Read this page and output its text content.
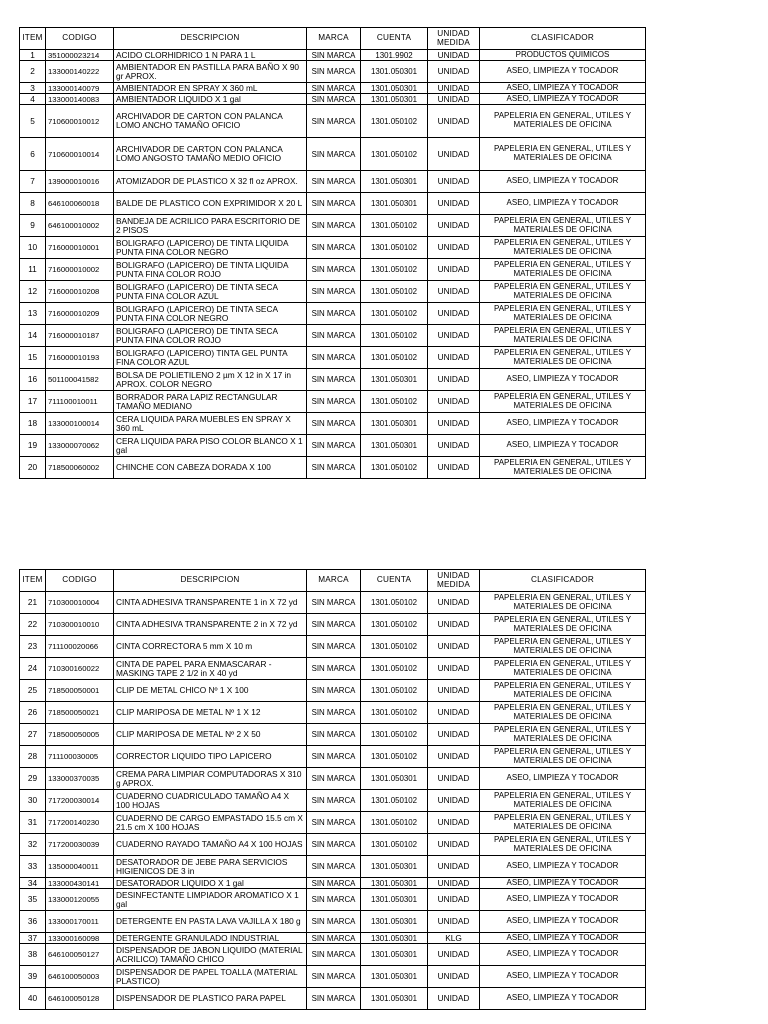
ITEM	CODIGO	DESCRIPCION	MARCA	CUENTA	UNIDAD MEDIDA	CLASIFICADOR
1	351000023214	ACIDO CLORHIDRICO 1 N PARA 1 L	SIN MARCA	1301.9902	UNIDAD	PRODUCTOS QUIMICOS
2	133000140222	AMBIENTADOR EN PASTILLA PARA BAÑO X 90 gr APROX.	SIN MARCA	1301.050301	UNIDAD	ASEO, LIMPIEZA Y TOCADOR
3	133000140079	AMBIENTADOR EN SPRAY X 360 mL	SIN MARCA	1301.050301	UNIDAD	ASEO, LIMPIEZA Y TOCADOR
4	133000140083	AMBIENTADOR LIQUIDO X 1 gal	SIN MARCA	1301.050301	UNIDAD	ASEO, LIMPIEZA Y TOCADOR
5	710600010012	ARCHIVADOR DE CARTON CON PALANCA LOMO ANCHO TAMAÑO OFICIO	SIN MARCA	1301.050102	UNIDAD	PAPELERIA EN GENERAL, UTILES Y MATERIALES DE OFICINA
6	710600010014	ARCHIVADOR DE CARTON CON PALANCA LOMO ANGOSTO TAMAÑO MEDIO OFICIO	SIN MARCA	1301.050102	UNIDAD	PAPELERIA EN GENERAL, UTILES Y MATERIALES DE OFICINA
7	139000010016	ATOMIZADOR DE PLASTICO X 32 fl oz APROX.	SIN MARCA	1301.050301	UNIDAD	ASEO, LIMPIEZA Y TOCADOR
8	646100060018	BALDE DE PLASTICO CON EXPRIMIDOR X 20 L	SIN MARCA	1301.050301	UNIDAD	ASEO, LIMPIEZA Y TOCADOR
9	646100010002	BANDEJA DE ACRILICO PARA ESCRITORIO DE 2 PISOS	SIN MARCA	1301.050102	UNIDAD	PAPELERIA EN GENERAL, UTILES Y MATERIALES DE OFICINA
10	716000010001	BOLIGRAFO (LAPICERO) DE TINTA LIQUIDA PUNTA FINA COLOR NEGRO	SIN MARCA	1301.050102	UNIDAD	PAPELERIA EN GENERAL, UTILES Y MATERIALES DE OFICINA
11	716000010002	BOLIGRAFO (LAPICERO) DE TINTA LIQUIDA PUNTA FINA COLOR ROJO	SIN MARCA	1301.050102	UNIDAD	PAPELERIA EN GENERAL, UTILES Y MATERIALES DE OFICINA
12	716000010208	BOLIGRAFO (LAPICERO) DE TINTA SECA PUNTA FINA COLOR AZUL	SIN MARCA	1301.050102	UNIDAD	PAPELERIA EN GENERAL, UTILES Y MATERIALES DE OFICINA
13	716000010209	BOLIGRAFO (LAPICERO) DE TINTA SECA PUNTA FINA COLOR NEGRO	SIN MARCA	1301.050102	UNIDAD	PAPELERIA EN GENERAL, UTILES Y MATERIALES DE OFICINA
14	716000010187	BOLIGRAFO (LAPICERO) DE TINTA SECA PUNTA FINA COLOR ROJO	SIN MARCA	1301.050102	UNIDAD	PAPELERIA EN GENERAL, UTILES Y MATERIALES DE OFICINA
15	716000010193	BOLIGRAFO (LAPICERO) TINTA GEL PUNTA FINA COLOR AZUL	SIN MARCA	1301.050102	UNIDAD	PAPELERIA EN GENERAL, UTILES Y MATERIALES DE OFICINA
16	501100041582	BOLSA DE POLIETILENO 2 µm X 12 in X 17 in APROX. COLOR NEGRO	SIN MARCA	1301.050301	UNIDAD	ASEO, LIMPIEZA Y TOCADOR
17	711100010011	BORRADOR PARA LAPIZ RECTANGULAR TAMAÑO MEDIANO	SIN MARCA	1301.050102	UNIDAD	PAPELERIA EN GENERAL, UTILES Y MATERIALES DE OFICINA
18	133000100014	CERA LIQUIDA PARA MUEBLES EN SPRAY X 360 mL	SIN MARCA	1301.050301	UNIDAD	ASEO, LIMPIEZA Y TOCADOR
19	133000070062	CERA LIQUIDA PARA PISO COLOR BLANCO X 1 gal	SIN MARCA	1301.050301	UNIDAD	ASEO, LIMPIEZA Y TOCADOR
20	718500060002	CHINCHE CON CABEZA DORADA X 100	SIN MARCA	1301.050102	UNIDAD	PAPELERIA EN GENERAL, UTILES Y MATERIALES DE OFICINA
ITEM	CODIGO	DESCRIPCION	MARCA	CUENTA	UNIDAD MEDIDA	CLASIFICADOR
21	710300010004	CINTA ADHESIVA TRANSPARENTE 1 in X 72 yd	SIN MARCA	1301.050102	UNIDAD	PAPELERIA EN GENERAL, UTILES Y MATERIALES DE OFICINA
22	710300010010	CINTA ADHESIVA TRANSPARENTE 2 in X 72 yd	SIN MARCA	1301.050102	UNIDAD	PAPELERIA EN GENERAL, UTILES Y MATERIALES DE OFICINA
23	711100020066	CINTA CORRECTORA 5 mm X 10 m	SIN MARCA	1301.050102	UNIDAD	PAPELERIA EN GENERAL, UTILES Y MATERIALES DE OFICINA
24	710300160022	CINTA DE PAPEL PARA ENMASCARAR - MASKING TAPE 2 1/2 in X 40 yd	SIN MARCA	1301.050102	UNIDAD	PAPELERIA EN GENERAL, UTILES Y MATERIALES DE OFICINA
25	718500050001	CLIP DE METAL CHICO Nº 1 X 100	SIN MARCA	1301.050102	UNIDAD	PAPELERIA EN GENERAL, UTILES Y MATERIALES DE OFICINA
26	718500050021	CLIP MARIPOSA DE METAL Nº 1 X 12	SIN MARCA	1301.050102	UNIDAD	PAPELERIA EN GENERAL, UTILES Y MATERIALES DE OFICINA
27	718500050005	CLIP MARIPOSA DE METAL Nº 2 X 50	SIN MARCA	1301.050102	UNIDAD	PAPELERIA EN GENERAL, UTILES Y MATERIALES DE OFICINA
28	711100030005	CORRECTOR LIQUIDO TIPO LAPICERO	SIN MARCA	1301.050102	UNIDAD	PAPELERIA EN GENERAL, UTILES Y MATERIALES DE OFICINA
29	133000370035	CREMA PARA LIMPIAR COMPUTADORAS X 310 g APROX.	SIN MARCA	1301.050301	UNIDAD	ASEO, LIMPIEZA Y TOCADOR
30	717200030014	CUADERNO CUADRICULADO TAMAÑO A4 X 100 HOJAS	SIN MARCA	1301.050102	UNIDAD	PAPELERIA EN GENERAL, UTILES Y MATERIALES DE OFICINA
31	717200140230	CUADERNO DE CARGO EMPASTADO 15.5 cm X 21.5 cm X 100 HOJAS	SIN MARCA	1301.050102	UNIDAD	PAPELERIA EN GENERAL, UTILES Y MATERIALES DE OFICINA
32	717200030039	CUADERNO RAYADO TAMAÑO A4 X 100 HOJAS	SIN MARCA	1301.050102	UNIDAD	PAPELERIA EN GENERAL, UTILES Y MATERIALES DE OFICINA
33	135000040011	DESATORADOR DE JEBE PARA SERVICIOS HIGIENICOS DE 3 in	SIN MARCA	1301.050301	UNIDAD	ASEO, LIMPIEZA Y TOCADOR
34	133000430141	DESATORADOR LIQUIDO X 1 gal	SIN MARCA	1301.050301	UNIDAD	ASEO, LIMPIEZA Y TOCADOR
35	133000120055	DESINFECTANTE LIMPIADOR AROMATICO X 1 gal	SIN MARCA	1301.050301	UNIDAD	ASEO, LIMPIEZA Y TOCADOR
36	133000170011	DETERGENTE EN PASTA LAVA VAJILLA X 180 g	SIN MARCA	1301.050301	UNIDAD	ASEO, LIMPIEZA Y TOCADOR
37	133000160098	DETERGENTE GRANULADO INDUSTRIAL	SIN MARCA	1301.050301	KLG	ASEO, LIMPIEZA Y TOCADOR
38	646100050127	DISPENSADOR DE JABON LIQUIDO (MATERIAL ACRILICO) TAMAÑO CHICO	SIN MARCA	1301.050301	UNIDAD	ASEO, LIMPIEZA Y TOCADOR
39	646100050003	DISPENSADOR DE PAPEL TOALLA (MATERIAL PLASTICO)	SIN MARCA	1301.050301	UNIDAD	ASEO, LIMPIEZA Y TOCADOR
40	646100050128	DISPENSADOR DE PLASTICO PARA PAPEL	SIN MARCA	1301.050301	UNIDAD	ASEO, LIMPIEZA Y TOCADOR
